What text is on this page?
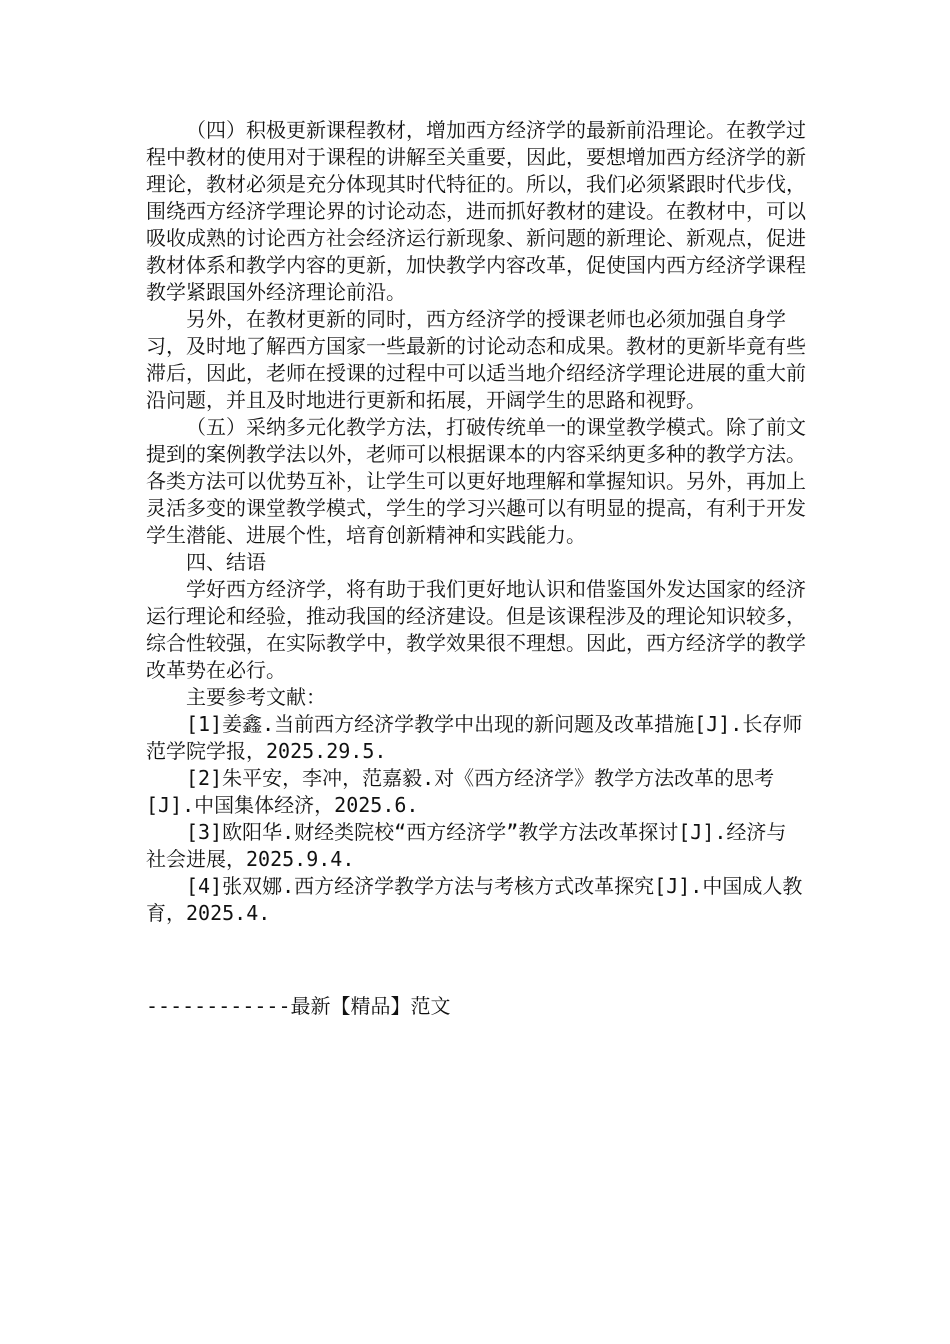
（四）积极更新课程教材，增加西方经济学的最新前沿理论。在教学过程中教材的使用对于课程的讲解至关重要，因此，要想增加西方经济学的新理论，教材必须是充分体现其时代特征的。所以，我们必须紧跟时代步伐，围绕西方经济学理论界的讨论动态，进而抓好教材的建设。在教材中，可以吸收成熟的讨论西方社会经济运行新现象、新问题的新理论、新观点，促进教材体系和教学内容的更新，加快教学内容改革，促使国内西方经济学课程教学紧跟国外经济理论前沿。

另外，在教材更新的同时，西方经济学的授课老师也必须加强自身学习，及时地了解西方国家一些最新的讨论动态和成果。教材的更新毕竟有些滞后，因此，老师在授课的过程中可以适当地介绍经济学理论进展的重大前沿问题，并且及时地进行更新和拓展，开阔学生的思路和视野。

（五）采纳多元化教学方法，打破传统单一的课堂教学模式。除了前文提到的案例教学法以外，老师可以根据课本的内容采纳更多种的教学方法。各类方法可以优势互补，让学生可以更好地理解和掌握知识。另外，再加上灵活多变的课堂教学模式，学生的学习兴趣可以有明显的提高，有利于开发学生潜能、进展个性，培育创新精神和实践能力。

四、结语

学好西方经济学，将有助于我们更好地认识和借鉴国外发达国家的经济运行理论和经验，推动我国的经济建设。但是该课程涉及的理论知识较多，综合性较强，在实际教学中，教学效果很不理想。因此，西方经济学的教学改革势在必行。

主要参考文献：

[1]姜鑫.当前西方经济学教学中出现的新问题及改革措施[J].长存师范学院学报，2025.29.5.

[2]朱平安，李冲，范嘉毅.对《西方经济学》教学方法改革的思考[J].中国集体经济，2025.6.

[3]欧阳华.财经类院校“西方经济学”教学方法改革探讨[J].经济与社会进展，2025.9.4.

[4]张双娜.西方经济学教学方法与考核方式改革探究[J].中国成人教育，2025.4.

------------最新【精品】范文
